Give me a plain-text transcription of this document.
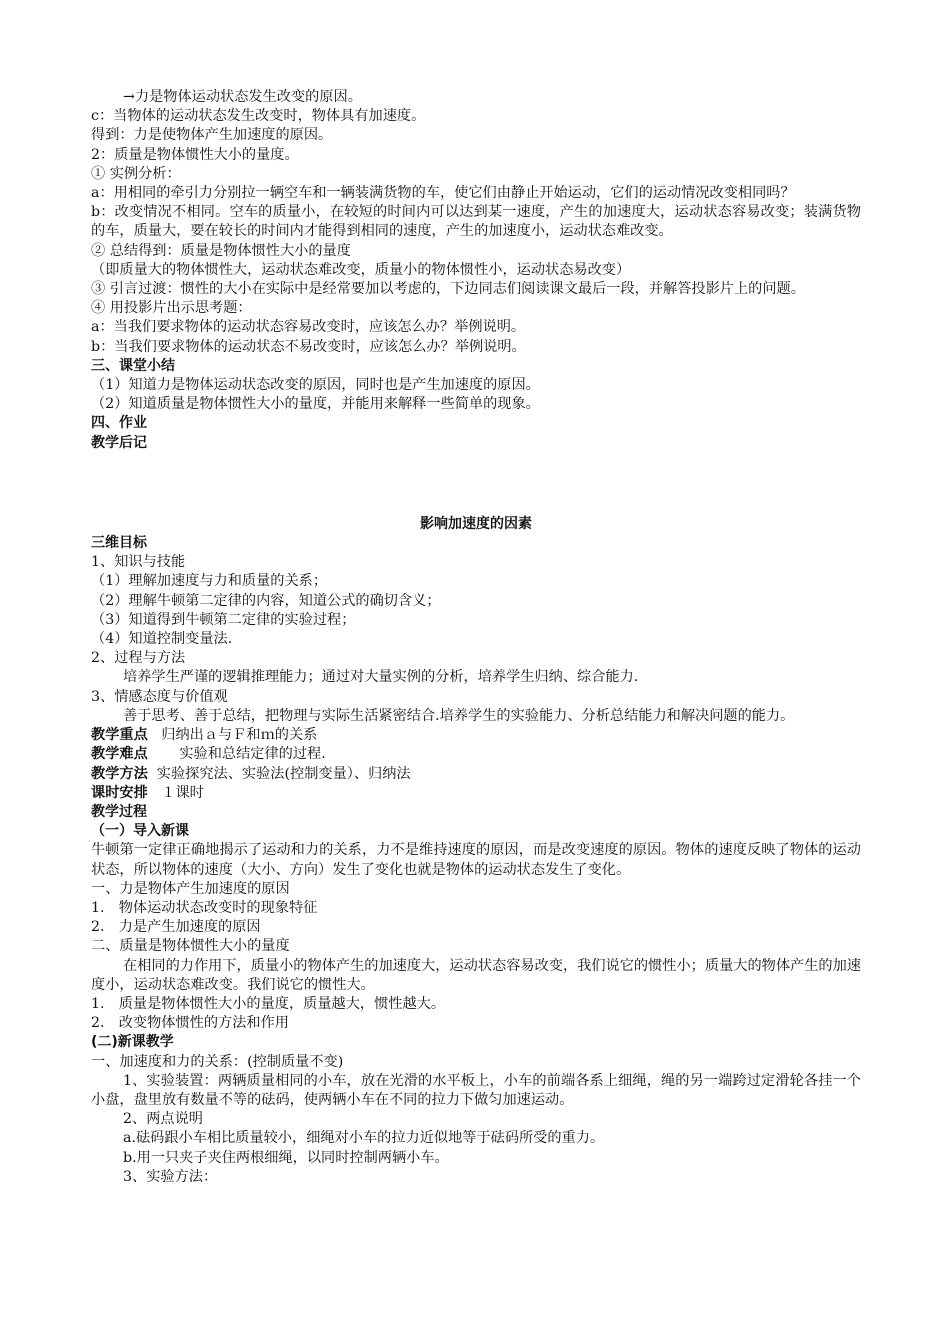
→力是物体运动状态发生改变的原因。
c：当物体的运动状态发生改变时，物体具有加速度。
得到：力是使物体产生加速度的原因。
2：质量是物体惯性大小的量度。
① 实例分析：
a：用相同的牵引力分别拉一辆空车和一辆装满货物的车，使它们由静止开始运动，它们的运动情况改变相同吗？
b：改变情况不相同。空车的质量小，在较短的时间内可以达到某一速度，产生的加速度大，运动状态容易改变；装满货物的车，质量大，要在较长的时间内才能得到相同的速度，产生的加速度小，运动状态难改变。
② 总结得到：质量是物体惯性大小的量度
（即质量大的物体惯性大，运动状态难改变，质量小的物体惯性小，运动状态易改变）
③ 引言过渡：惯性的大小在实际中是经常要加以考虑的，下边同志们阅读课文最后一段，并解答投影片上的问题。
④ 用投影片出示思考题：
a：当我们要求物体的运动状态容易改变时，应该怎么办？举例说明。
b：当我们要求物体的运动状态不易改变时，应该怎么办？举例说明。
三、课堂小结
（1）知道力是物体运动状态改变的原因，同时也是产生加速度的原因。
（2）知道质量是物体惯性大小的量度，并能用来解释一些简单的现象。
四、作业
教学后记
影响加速度的因素
三维目标
1、知识与技能
（1）理解加速度与力和质量的关系；
（2）理解牛顿第二定律的内容，知道公式的确切含义；
（3）知道得到牛顿第二定律的实验过程；
（4）知道控制变量法.
2、过程与方法
培养学生严谨的逻辑推理能力；通过对大量实例的分析，培养学生归纳、综合能力.
3、情感态度与价值观
善于思考、善于总结，把物理与实际生活紧密结合.培养学生的实验能力、分析总结能力和解决问题的能力。
教学重点 归纳出ａ与Ｆ和ｍ的关系
教学难点 实验和总结定律的过程.
教学方法 实验探究法、实验法(控制变量）、归纳法
课时安排 １课时
教学过程
（一）导入新课
牛顿第一定律正确地揭示了运动和力的关系，力不是维持速度的原因，而是改变速度的原因。物体的速度反映了物体的运动状态，所以物体的速度（大小、方向）发生了变化也就是物体的运动状态发生了变化。
一、力是物体产生加速度的原因
1.　物体运动状态改变时的现象特征
2.　力是产生加速度的原因
二、质量是物体惯性大小的量度
在相同的力作用下，质量小的物体产生的加速度大，运动状态容易改变，我们说它的惯性小；质量大的物体产生的加速度小，运动状态难改变。我们说它的惯性大。
1.　质量是物体惯性大小的量度，质量越大，惯性越大。
2.　改变物体惯性的方法和作用
(二)新课教学
一、加速度和力的关系：(控制质量不变)
1、实验装置：两辆质量相同的小车，放在光滑的水平板上，小车的前端各系上细绳，绳的另一端跨过定滑轮各挂一个小盘，盘里放有数量不等的砝码，使两辆小车在不同的拉力下做匀加速运动。
2、两点说明
a.砝码跟小车相比质量较小，细绳对小车的拉力近似地等于砝码所受的重力。
b.用一只夹子夹住两根细绳，以同时控制两辆小车。
3、实验方法：
